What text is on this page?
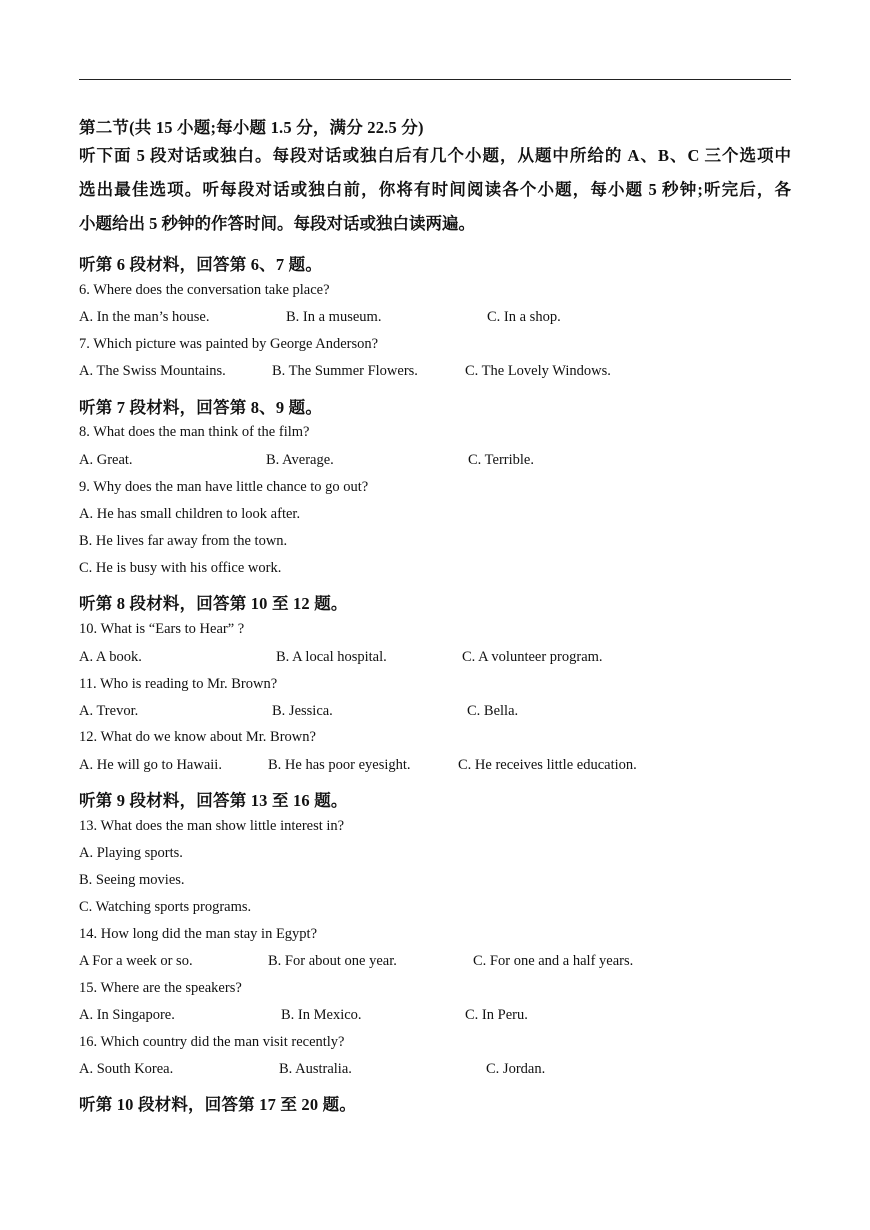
第二节(共 15 小题;每小题 1.5 分，满分 22.5 分)
听下面 5 段对话或独白。每段对话或独白后有几个小题，从题中所给的 A、B、C 三个选项中
选出最佳选项。听每段对话或独白前，你将有时间阅读各个小题，每小题 5 秒钟;听完后，各
小题给出 5 秒钟的作答时间。每段对话或独白读两遍。
听第 6 段材料，回答第 6、7 题。
6. Where does the conversation take place?
A. In the man’s house.	B. In a museum.	C. In a shop.
7. Which picture was painted by George Anderson?
A. The Swiss Mountains.	B. The Summer Flowers.	C. The Lovely Windows.
听第 7 段材料，回答第 8、9 题。
8. What does the man think of the film?
A. Great.	B. Average.	C. Terrible.
9. Why does the man have little chance to go out?
A. He has small children to look after.
B. He lives far away from the town.
C. He is busy with his office work.
听第 8 段材料，回答第 10 至 12 题。
10. What is “Ears to Hear” ?
A. A book.	B. A local hospital.	C. A volunteer program.
11. Who is reading to Mr. Brown?
A. Trevor.	B. Jessica.	C. Bella.
12. What do we know about Mr. Brown?
A. He will go to Hawaii.	B. He has poor eyesight.	C. He receives little education.
听第 9 段材料，回答第 13 至 16 题。
13. What does the man show little interest in?
A. Playing sports.
B. Seeing movies.
C. Watching sports programs.
14. How long did the man stay in Egypt?
A For a week or so.	B. For about one year.	C. For one and a half years.
15. Where are the speakers?
A. In Singapore.	B. In Mexico.	C. In Peru.
16. Which country did the man visit recently?
A. South Korea.	B. Australia.	C. Jordan.
听第 10 段材料，回答第 17 至 20 题。
